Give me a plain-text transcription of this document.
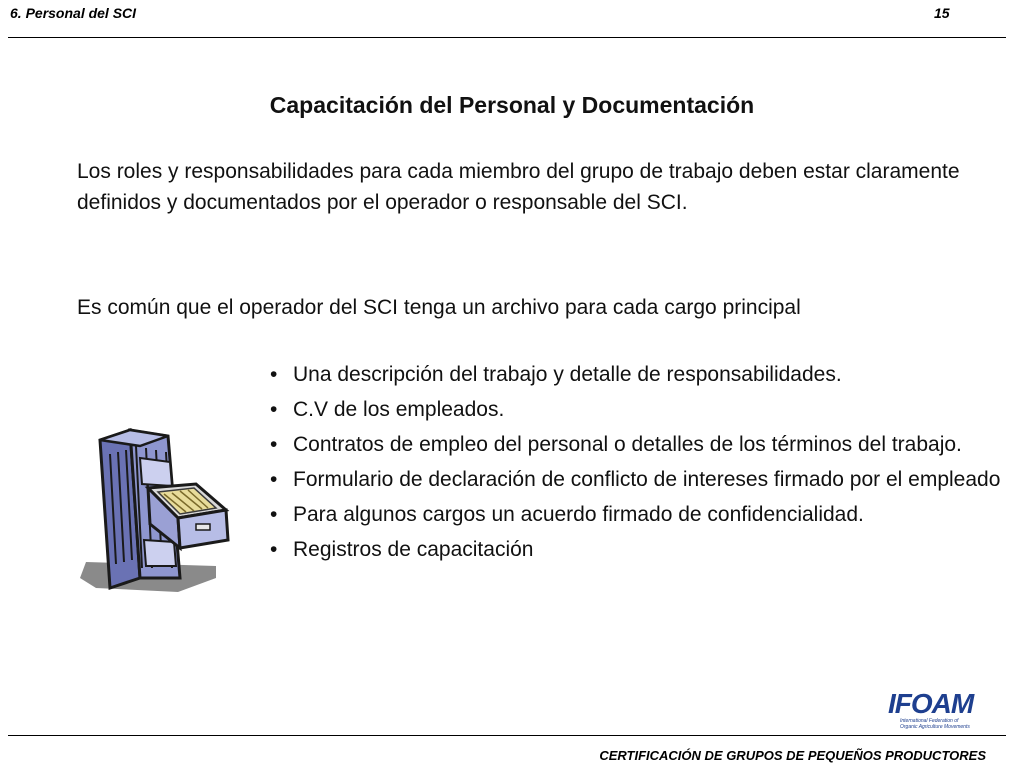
6. Personal del SCI	15
Capacitación del Personal y Documentación
Los roles y responsabilidades para cada miembro del grupo de trabajo deben estar claramente definidos y documentados por el operador o responsable del SCI.
Es común que el operador del SCI tenga un archivo para cada cargo principal
• Una descripción del trabajo y detalle de responsabilidades.
• C.V de los empleados.
• Contratos de empleo del personal o detalles de los términos del trabajo.
• Formulario de declaración de conflicto de intereses firmado por el empleado
• Para algunos cargos un acuerdo firmado de confidencialidad.
• Registros de capacitación
IFOAM
International Federation of
Organic Agriculture Movements
CERTIFICACIÓN DE GRUPOS DE PEQUEÑOS PRODUCTORES
